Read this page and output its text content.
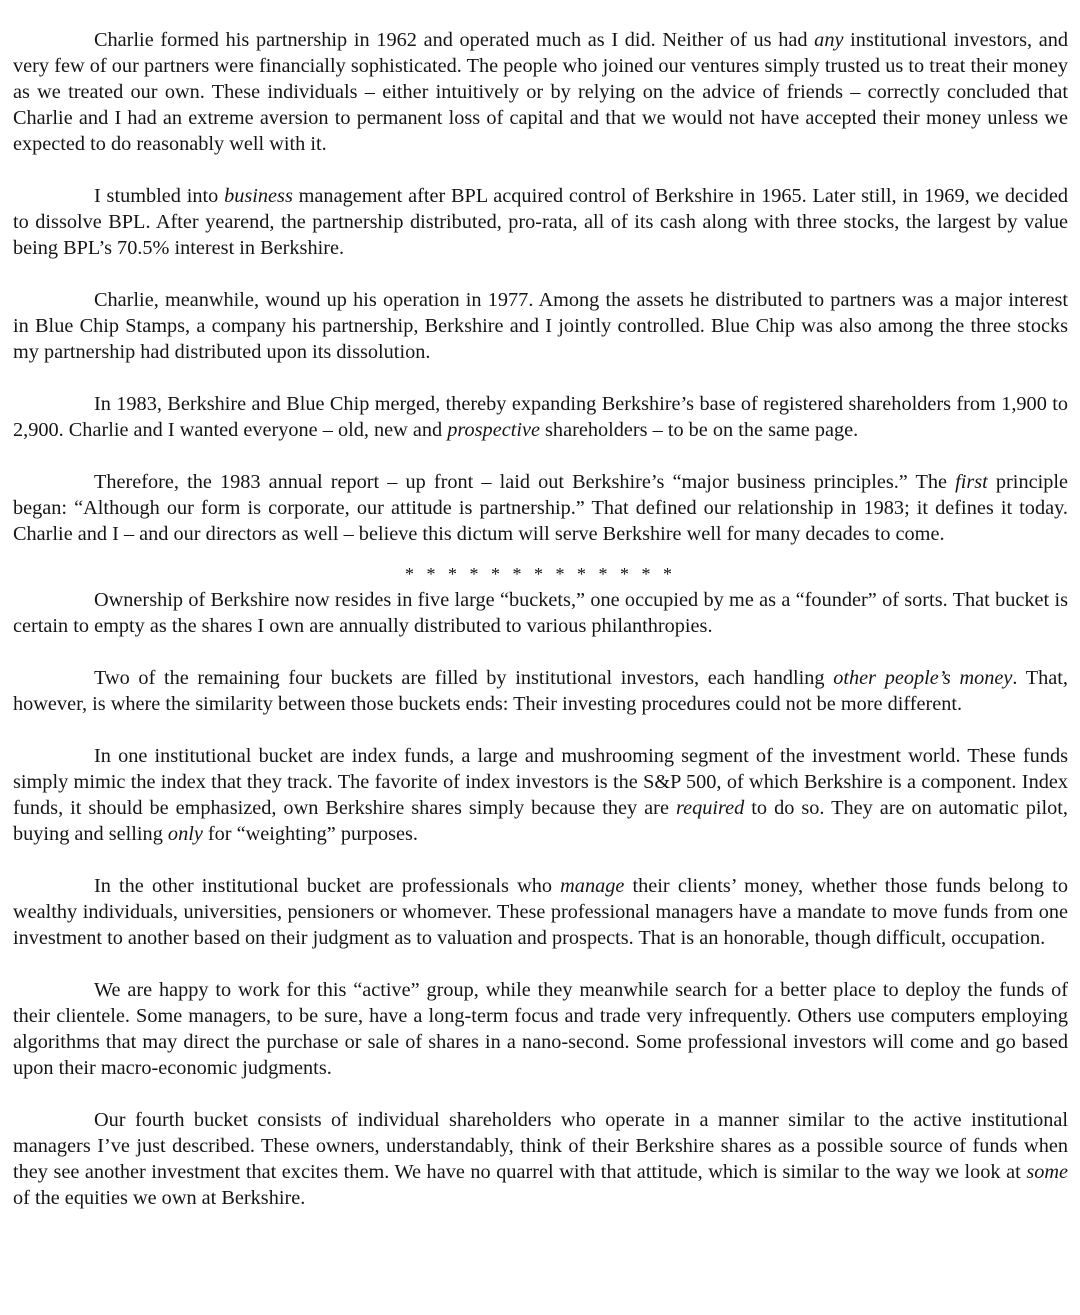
Charlie formed his partnership in 1962 and operated much as I did. Neither of us had any institutional investors, and very few of our partners were financially sophisticated. The people who joined our ventures simply trusted us to treat their money as we treated our own. These individuals – either intuitively or by relying on the advice of friends – correctly concluded that Charlie and I had an extreme aversion to permanent loss of capital and that we would not have accepted their money unless we expected to do reasonably well with it.

I stumbled into business management after BPL acquired control of Berkshire in 1965. Later still, in 1969, we decided to dissolve BPL. After yearend, the partnership distributed, pro-rata, all of its cash along with three stocks, the largest by value being BPL’s 70.5% interest in Berkshire.

Charlie, meanwhile, wound up his operation in 1977. Among the assets he distributed to partners was a major interest in Blue Chip Stamps, a company his partnership, Berkshire and I jointly controlled. Blue Chip was also among the three stocks my partnership had distributed upon its dissolution.

In 1983, Berkshire and Blue Chip merged, thereby expanding Berkshire’s base of registered shareholders from 1,900 to 2,900. Charlie and I wanted everyone – old, new and prospective shareholders – to be on the same page.

Therefore, the 1983 annual report – up front – laid out Berkshire’s “major business principles.” The first principle began: “Although our form is corporate, our attitude is partnership.” That defined our relationship in 1983; it defines it today. Charlie and I – and our directors as well – believe this dictum will serve Berkshire well for many decades to come.

* * * * * * * * * * * * *

Ownership of Berkshire now resides in five large “buckets,” one occupied by me as a “founder” of sorts. That bucket is certain to empty as the shares I own are annually distributed to various philanthropies.

Two of the remaining four buckets are filled by institutional investors, each handling other people’s money. That, however, is where the similarity between those buckets ends: Their investing procedures could not be more different.

In one institutional bucket are index funds, a large and mushrooming segment of the investment world. These funds simply mimic the index that they track. The favorite of index investors is the S&P 500, of which Berkshire is a component. Index funds, it should be emphasized, own Berkshire shares simply because they are required to do so. They are on automatic pilot, buying and selling only for “weighting” purposes.

In the other institutional bucket are professionals who manage their clients’ money, whether those funds belong to wealthy individuals, universities, pensioners or whomever. These professional managers have a mandate to move funds from one investment to another based on their judgment as to valuation and prospects. That is an honorable, though difficult, occupation.

We are happy to work for this “active” group, while they meanwhile search for a better place to deploy the funds of their clientele. Some managers, to be sure, have a long-term focus and trade very infrequently. Others use computers employing algorithms that may direct the purchase or sale of shares in a nano-second. Some professional investors will come and go based upon their macro-economic judgments.

Our fourth bucket consists of individual shareholders who operate in a manner similar to the active institutional managers I’ve just described. These owners, understandably, think of their Berkshire shares as a possible source of funds when they see another investment that excites them. We have no quarrel with that attitude, which is similar to the way we look at some of the equities we own at Berkshire.
